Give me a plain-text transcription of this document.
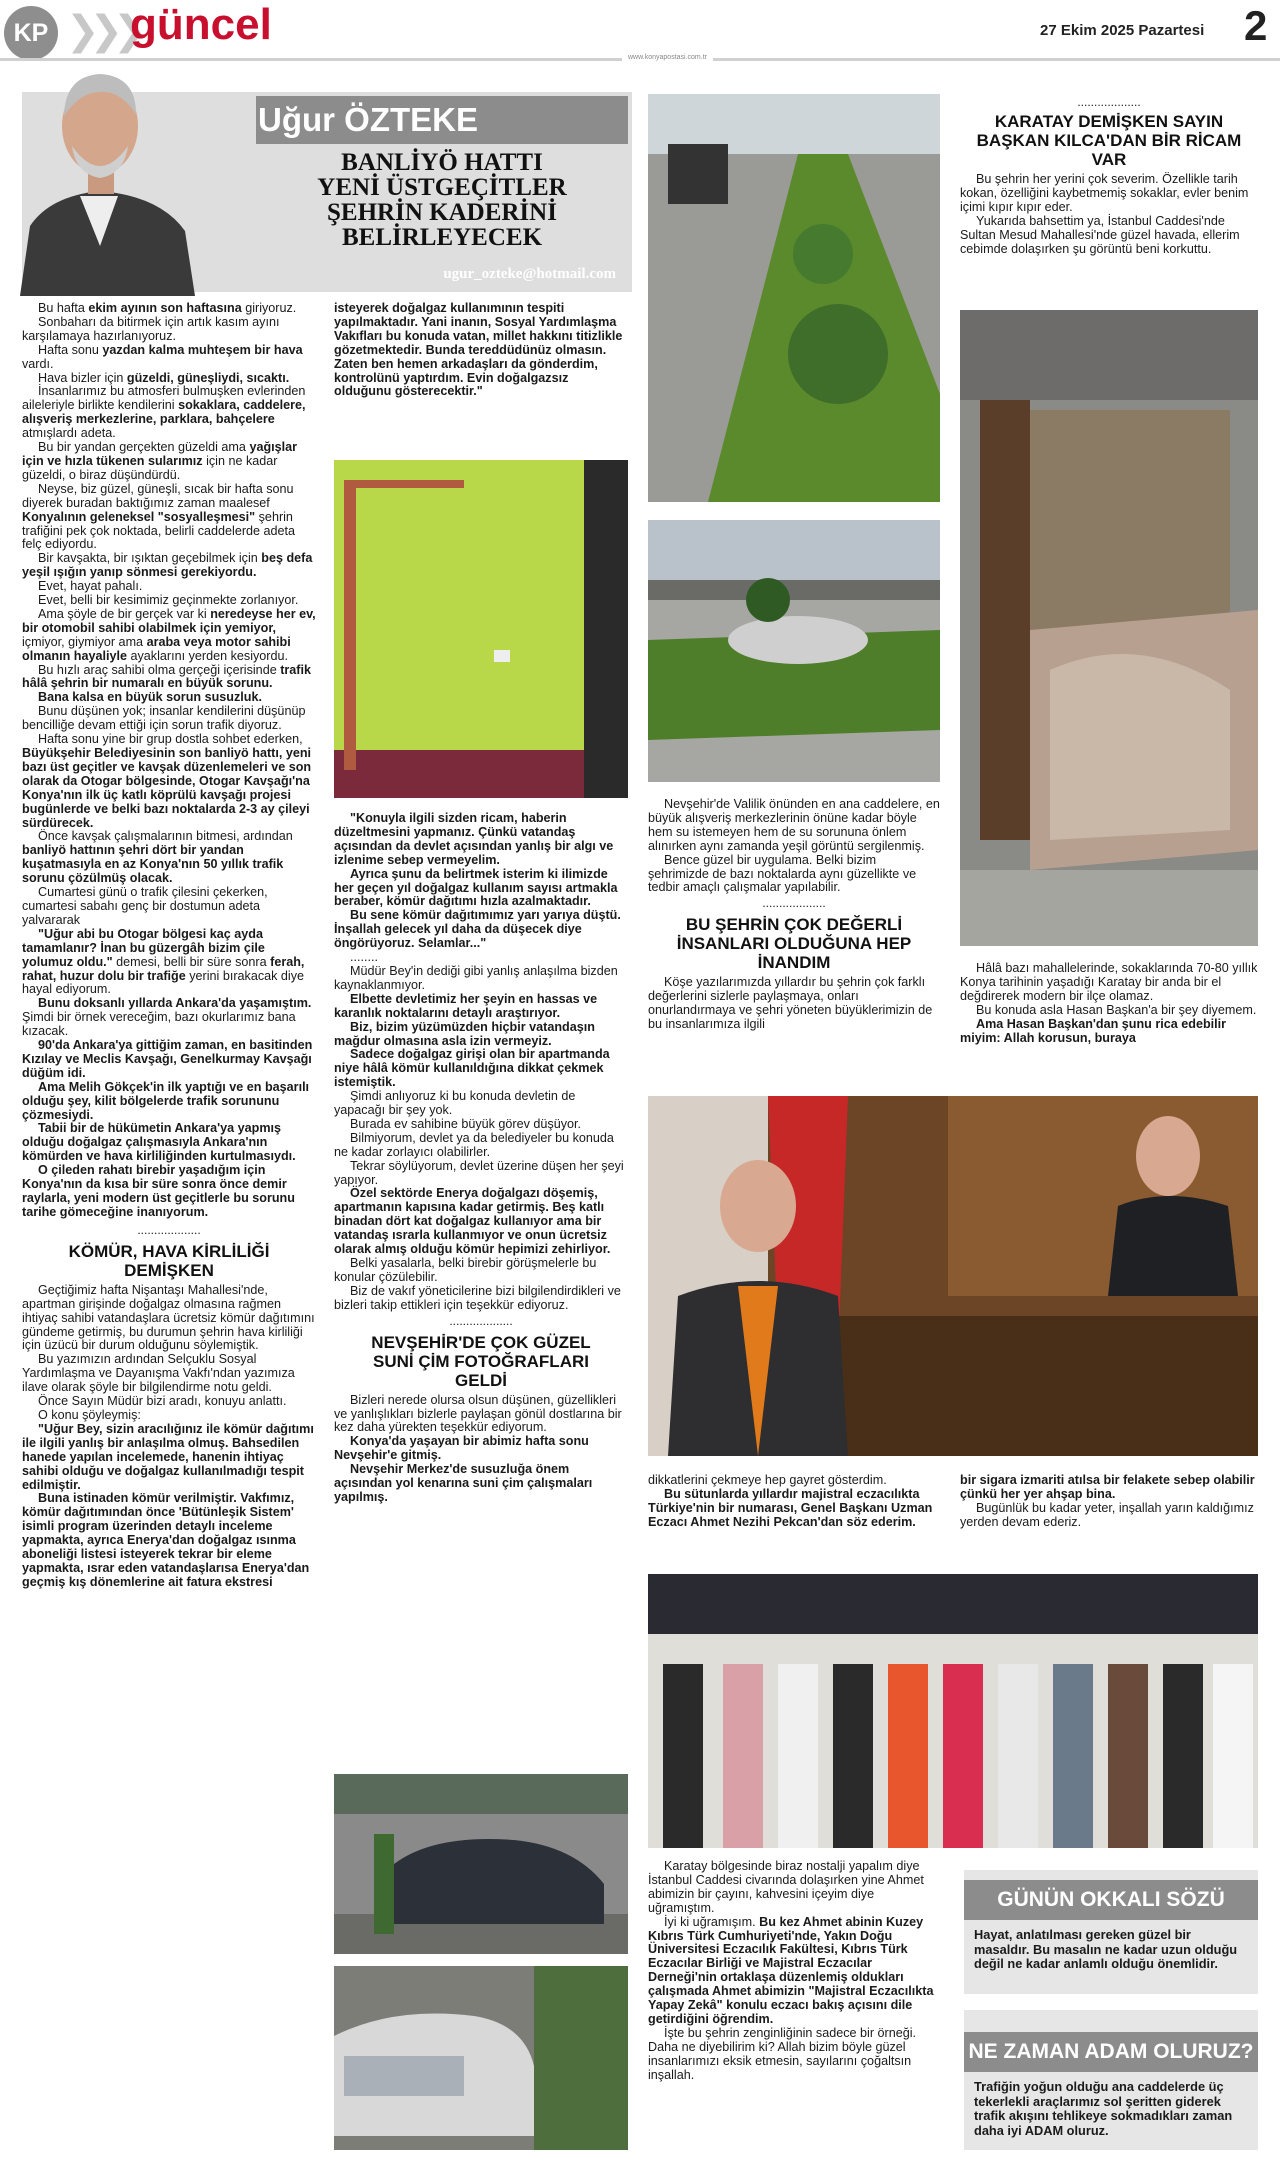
KP ❯❯❯
güncel	27 Ekim 2025 Pazartesi 2
www.konyapostasi.com.tr
Uğur ÖZTEKE
BANLİYÖ HATTI
YENİ ÜSTGEÇİTLER
ŞEHRİN KADERİNİ
BELİRLEYECEK
ugur_ozteke@hotmail.com

Bu hafta ekim ayının son haftasına giriyoruz.

Sonbaharı da bitirmek için artık kasım ayını karşılamaya hazırlanıyoruz.

Hafta sonu yazdan kalma muhteşem bir hava vardı.

Hava bizler için güzeldi, güneşliydi, sıcaktı.

İnsanlarımız bu atmosferi bulmuşken evlerinden aileleriyle birlikte kendilerini sokaklara, caddelere, alışveriş merkezlerine, parklara, bahçelere atmışlardı adeta.

Bu bir yandan gerçekten güzeldi ama yağışlar için ve hızla tükenen sularımız için ne kadar güzeldi, o biraz düşündürdü.

Neyse, biz güzel, güneşli, sıcak bir hafta sonu diyerek buradan baktığımız zaman maalesef Konyalının geleneksel "sosyalleşmesi" şehrin trafiğini pek çok noktada, belirli caddelerde adeta felç ediyordu.

Bir kavşakta, bir ışıktan geçebilmek için beş defa yeşil ışığın yanıp sönmesi gerekiyordu.

Evet, hayat pahalı.

Evet, belli bir kesimimiz geçinmekte zorlanıyor.

Ama şöyle de bir gerçek var ki neredeyse her ev, bir otomobil sahibi olabilmek için yemiyor, içmiyor, giymiyor ama araba veya motor sahibi olmanın hayaliyle ayaklarını yerden kesiyordu.

Bu hızlı araç sahibi olma gerçeği içerisinde trafik hâlâ şehrin bir numaralı en büyük sorunu.

Bana kalsa en büyük sorun susuzluk.

Bunu düşünen yok; insanlar kendilerini düşünüp bencilliğe devam ettiği için sorun trafik diyoruz.

Hafta sonu yine bir grup dostla sohbet ederken, Büyükşehir Belediyesinin son banliyö hattı, yeni bazı üst geçitler ve kavşak düzenlemeleri ve son olarak da Otogar bölgesinde, Otogar Kavşağı'na Konya'nın ilk üç katlı köprülü kavşağı projesi bugünlerde ve belki bazı noktalarda 2-3 ay çileyi sürdürecek.

Önce kavşak çalışmalarının bitmesi, ardından banliyö hattının şehri dört bir yandan kuşatmasıyla en az Konya'nın 50 yıllık trafik sorunu çözülmüş olacak.

Cumartesi günü o trafik çilesini çekerken, cumartesi sabahı genç bir dostumun adeta yalvararak

"Uğur abi bu Otogar bölgesi kaç ayda tamamlanır? İnan bu güzergâh bizim çile yolumuz oldu." demesi, belli bir süre sonra ferah, rahat, huzur dolu bir trafiğe yerini bırakacak diye hayal ediyorum.

Bunu doksanlı yıllarda Ankara'da yaşamıştım. Şimdi bir örnek vereceğim, bazı okurlarımız bana kızacak.

90'da Ankara'ya gittiğim zaman, en basitinden Kızılay ve Meclis Kavşağı, Genelkurmay Kavşağı düğüm idi.

Ama Melih Gökçek'in ilk yaptığı ve en başarılı olduğu şey, kilit bölgelerde trafik sorununu çözmesiydi.

Tabii bir de hükümetin Ankara'ya yapmış olduğu doğalgaz çalışmasıyla Ankara'nın kömürden ve hava kirliliğinden kurtulmasıydı.

O çileden rahatı birebir yaşadığım için Konya'nın da kısa bir süre sonra önce demir raylarla, yeni modern üst geçitlerle bu sorunu tarihe gömeceğine inanıyorum.

...................

KÖMÜR, HAVA KİRLİLİĞİ DEMİŞKEN

Geçtiğimiz hafta Nişantaşı Mahallesi'nde, apartman girişinde doğalgaz olmasına rağmen ihtiyaç sahibi vatandaşlara ücretsiz kömür dağıtımını gündeme getirmiş, bu durumun şehrin hava kirliliği için üzücü bir durum olduğunu söylemiştik.

Bu yazımızın ardından Selçuklu Sosyal Yardımlaşma ve Dayanışma Vakfı'ndan yazımıza ilave olarak şöyle bir bilgilendirme notu geldi.

Önce Sayın Müdür bizi aradı, konuyu anlattı.

O konu şöyleymiş:

"Uğur Bey, sizin aracılığınız ile kömür dağıtımı ile ilgili yanlış bir anlaşılma olmuş. Bahsedilen hanede yapılan incelemede, hanenin ihtiyaç sahibi olduğu ve doğalgaz kullanılmadığı tespit edilmiştir.

Buna istinaden kömür verilmiştir. Vakfımız, kömür dağıtımından önce 'Bütünleşik Sistem' isimli program üzerinden detaylı inceleme yapmakta, ayrıca Enerya'dan doğalgaz ısınma aboneliği listesi isteyerek tekrar bir eleme yapmakta, ısrar eden vatandaşlarısa Enerya'dan geçmiş kış dönemlerine ait fatura ekstresi

isteyerek doğalgaz kullanımının tespiti yapılmaktadır. Yani inanın, Sosyal Yardımlaşma Vakıfları bu konuda vatan, millet hakkını titizlikle gözetmektedir. Bunda tereddüdünüz olmasın. Zaten ben hemen arkadaşları da gönderdim, kontrolünü yaptırdım. Evin doğalgazsız olduğunu gösterecektir."

"Konuyla ilgili sizden ricam, haberin düzeltmesini yapmanız. Çünkü vatandaş açısından da devlet açısından yanlış bir algı ve izlenime sebep vermeyelim.

Ayrıca şunu da belirtmek isterim ki ilimizde her geçen yıl doğalgaz kullanım sayısı artmakla beraber, kömür dağıtımı hızla azalmaktadır.

Bu sene kömür dağıtımımız yarı yarıya düştü. İnşallah gelecek yıl daha da düşecek diye öngörüyoruz. Selamlar..."

........

Müdür Bey'in dediği gibi yanlış anlaşılma bizden kaynaklanmıyor.

Elbette devletimiz her şeyin en hassas ve karanlık noktalarını detaylı araştırıyor.

Biz, bizim yüzümüzden hiçbir vatandaşın mağdur olmasına asla izin vermeyiz.

Sadece doğalgaz girişi olan bir apartmanda niye hâlâ kömür kullanıldığına dikkat çekmek istemiştik.

Şimdi anlıyoruz ki bu konuda devletin de yapacağı bir şey yok.

Burada ev sahibine büyük görev düşüyor.

Bilmiyorum, devlet ya da belediyeler bu konuda ne kadar zorlayıcı olabilirler.

Tekrar söylüyorum, devlet üzerine düşen her şeyi yapıyor.

Özel sektörde Enerya doğalgazı döşemiş, apartmanın kapısına kadar getirmiş. Beş katlı binadan dört kat doğalgaz kullanıyor ama bir vatandaş ısrarla kullanmıyor ve onun ücretsiz olarak almış olduğu kömür hepimizi zehirliyor.

Belki yasalarla, belki birebir görüşmelerle bu konular çözülebilir.

Biz de vakıf yöneticilerine bizi bilgilendirdikleri ve bizleri takip ettikleri için teşekkür ediyoruz.

...................

NEVŞEHİR'DE ÇOK GÜZEL SUNİ ÇİM FOTOĞRAFLARI GELDİ

Bizleri nerede olursa olsun düşünen, güzellikleri ve yanlışlıkları bizlerle paylaşan gönül dostlarına bir kez daha yürekten teşekkür ediyorum.

Konya'da yaşayan bir abimiz hafta sonu Nevşehir'e gitmiş.

Nevşehir Merkez'de susuzluğa önem açısından yol kenarına suni çim çalışmaları yapılmış.

Nevşehir'de Valilik önünden en ana caddelere, en büyük alışveriş merkezlerinin önüne kadar böyle hem su istemeyen hem de su sorununa önlem alınırken aynı zamanda yeşil görüntü sergilenmiş.

Bence güzel bir uygulama. Belki bizim şehrimizde de bazı noktalarda aynı güzellikte ve tedbir amaçlı çalışmalar yapılabilir.

...................

BU ŞEHRİN ÇOK DEĞERLİ İNSANLARI OLDUĞUNA HEP İNANDIM

Köşe yazılarımızda yıllardır bu şehrin çok farklı değerlerini sizlerle paylaşmaya, onları onurlandırmaya ve şehri yöneten büyüklerimizin de bu insanlarımıza ilgili

dikkatlerini çekmeye hep gayret gösterdim.

Bu sütunlarda yıllardır majistral eczacılıkta Türkiye'nin bir numarası, Genel Başkanı Uzman Eczacı Ahmet Nezihi Pekcan'dan söz ederim.

Karatay bölgesinde biraz nostalji yapalım diye İstanbul Caddesi civarında dolaşırken yine Ahmet abimizin bir çayını, kahvesini içeyim diye uğramıştım.

İyi ki uğramışım. Bu kez Ahmet abinin Kuzey Kıbrıs Türk Cumhuriyeti'nde, Yakın Doğu Üniversitesi Eczacılık Fakültesi, Kıbrıs Türk Eczacılar Birliği ve Majistral Eczacılar Derneği'nin ortaklaşa düzenlemiş oldukları çalışmada Ahmet abimizin "Majistral Eczacılıkta Yapay Zekâ" konulu eczacı bakış açısını dile getirdiğini öğrendim.

İşte bu şehrin zenginliğinin sadece bir örneği. Daha ne diyebilirim ki? Allah bizim böyle güzel insanlarımızı eksik etmesin, sayılarını çoğaltsın inşallah.

...................

KARATAY DEMİŞKEN SAYIN BAŞKAN KILCA'DAN BİR RİCAM VAR

Bu şehrin her yerini çok severim. Özellikle tarih kokan, özelliğini kaybetmemiş sokaklar, evler benim içimi kıpır kıpır eder.

Yukarıda bahsettim ya, İstanbul Caddesi'nde Sultan Mesud Mahallesi'nde güzel havada, ellerim cebimde dolaşırken şu görüntü beni korkuttu.

Hâlâ bazı mahallelerinde, sokaklarında 70-80 yıllık Konya tarihinin yaşadığı Karatay bir anda bir el değdirerek modern bir ilçe olamaz.

Bu konuda asla Hasan Başkan'a bir şey diyemem.

Ama Hasan Başkan'dan şunu rica edebilir miyim: Allah korusun, buraya

bir sigara izmariti atılsa bir felakete sebep olabilir çünkü her yer ahşap bina.

Bugünlük bu kadar yeter, inşallah yarın kaldığımız yerden devam ederiz.

GÜNÜN OKKALI SÖZÜ
Hayat, anlatılması gereken güzel bir masaldır. Bu masalın ne kadar uzun olduğu değil ne kadar anlamlı olduğu önemlidir.
NE ZAMAN ADAM OLURUZ?
Trafiğin yoğun olduğu ana caddelerde üç tekerlekli araçlarımız sol şeritten giderek trafik akışını tehlikeye sokmadıkları zaman daha iyi ADAM oluruz.
